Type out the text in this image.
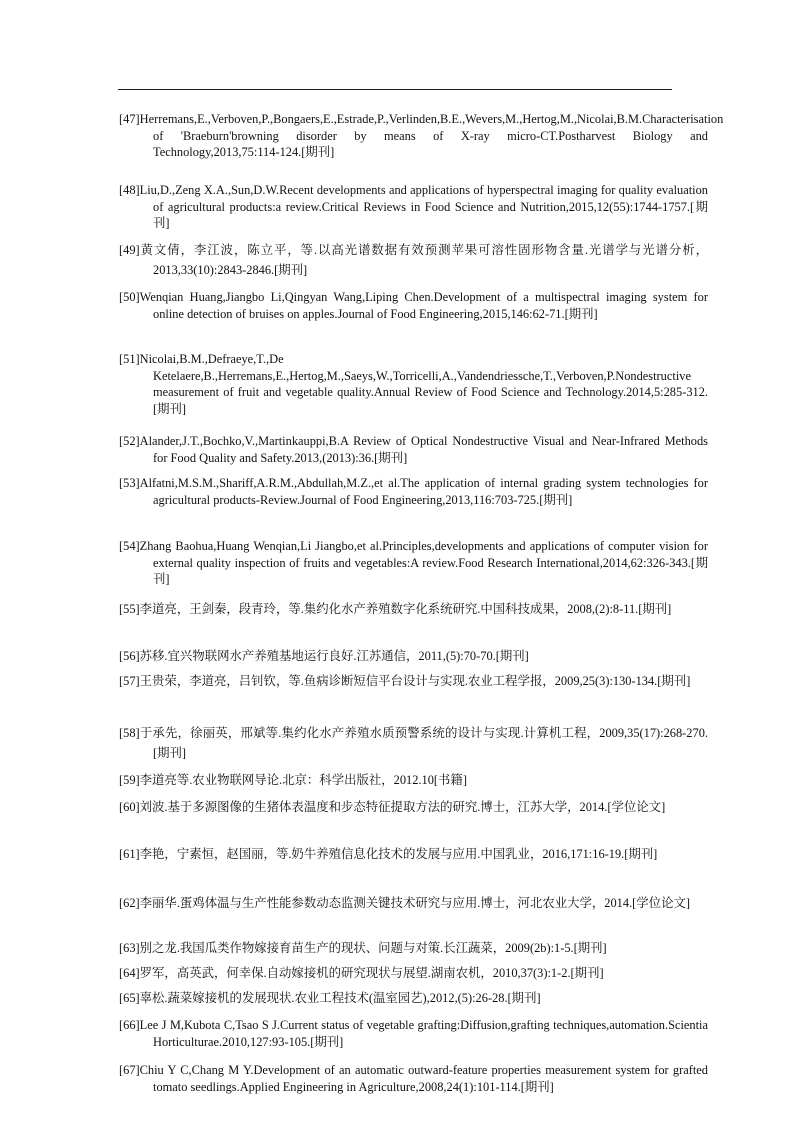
[47]Herremans,E.,Verboven,P.,Bongaers,E.,Estrade,P.,Verlinden,B.E.,Wevers,M.,Hertog,M.,Nicolai,B.M.Characterisation of 'Braeburn'browning disorder by means of X-ray micro-CT.Postharvest Biology and Technology,2013,75:114-124.[期刊]

[48]Liu,D.,Zeng X.A.,Sun,D.W.Recent developments and applications of hyperspectral imaging for quality evaluation of agricultural products:a review.Critical Reviews in Food Science and Nutrition,2015,12(55):1744-1757.[期刊]

[49]黄文倩，李江波，陈立平，等.以高光谱数据有效预测苹果可溶性固形物含量.光谱学与光谱分析，2013,33(10):2843-2846.[期刊]

[50]Wenqian Huang,Jiangbo Li,Qingyan Wang,Liping Chen.Development of a multispectral imaging system for online detection of bruises on apples.Journal of Food Engineering,2015,146:62-71.[期刊]

[51]Nicolai,B.M.,Defraeye,T.,De Ketelaere,B.,Herremans,E.,Hertog,M.,Saeys,W.,Torricelli,A.,Vandendriessche,T.,Verboven,P.Nondestructive measurement of fruit and vegetable quality.Annual Review of Food Science and Technology.2014,5:285-312.[期刊]

[52]Alander,J.T.,Bochko,V.,Martinkauppi,B.A Review of Optical Nondestructive Visual and Near-Infrared Methods for Food Quality and Safety.2013,(2013):36.[期刊]

[53]Alfatni,M.S.M.,Shariff,A.R.M.,Abdullah,M.Z.,et al.The application of internal grading system technologies for agricultural products-Review.Journal of Food Engineering,2013,116:703-725.[期刊]

[54]Zhang Baohua,Huang Wenqian,Li Jiangbo,et al.Principles,developments and applications of computer vision for external quality inspection of fruits and vegetables:A review.Food Research International,2014,62:326-343.[期刊]

[55]李道亮，王剑秦，段青玲，等.集约化水产养殖数字化系统研究.中国科技成果，2008,(2):8-11.[期刊]

[56]苏移.宜兴物联网水产养殖基地运行良好.江苏通信，2011,(5):70-70.[期刊]

[57]王贵荣，李道亮，吕钊钦，等.鱼病诊断短信平台设计与实现.农业工程学报，2009,25(3):130-134.[期刊]

[58]于承先，徐丽英，邢斌等.集约化水产养殖水质预警系统的设计与实现.计算机工程，2009,35(17):268-270.[期刊]

[59]李道亮等.农业物联网导论.北京：科学出版社，2012.10[书籍]

[60]刘波.基于多源图像的生猪体表温度和步态特征提取方法的研究.博士，江苏大学，2014.[学位论文]

[61]李艳，宁素恒，赵国丽，等.奶牛养殖信息化技术的发展与应用.中国乳业，2016,171:16-19.[期刊]

[62]李丽华.蛋鸡体温与生产性能参数动态监测关键技术研究与应用.博士，河北农业大学，2014.[学位论文]

[63]别之龙.我国瓜类作物嫁接育苗生产的现状、问题与对策.长江蔬菜，2009(2b):1-5.[期刊]

[64]罗军，高英武，何幸保.自动嫁接机的研究现状与展望.湖南农机，2010,37(3):1-2.[期刊]

[65]辜松.蔬菜嫁接机的发展现状.农业工程技术(温室园艺),2012,(5):26-28.[期刊]

[66]Lee J M,Kubota C,Tsao S J.Current status of vegetable grafting:Diffusion,grafting techniques,automation.Scientia Horticulturae.2010,127:93-105.[期刊]

[67]Chiu Y C,Chang M Y.Development of an automatic outward-feature properties measurement system for grafted tomato seedlings.Applied Engineering in Agriculture,2008,24(1):101-114.[期刊]
